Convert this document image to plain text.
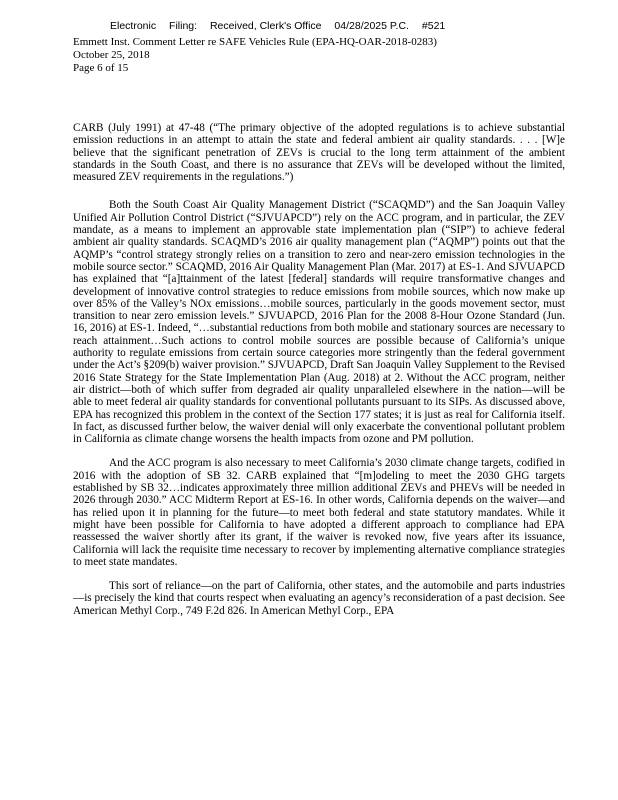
Electronic Filing: Received, Clerk's Office 04/28/2025 P.C. #521
Emmett Inst. Comment Letter re SAFE Vehicles Rule (EPA-HQ-OAR-2018-0283)
October 25, 2018
Page 6 of 15

CARB (July 1991) at 47-48 (“The primary objective of the adopted regulations is to achieve substantial emission reductions in an attempt to attain the state and federal ambient air quality standards. . . . [W]e believe that the significant penetration of ZEVs is crucial to the long term attainment of the ambient standards in the South Coast, and there is no assurance that ZEVs will be developed without the limited, measured ZEV requirements in the regulations.”)

Both the South Coast Air Quality Management District (“SCAQMD”) and the San Joaquin Valley Unified Air Pollution Control District (“SJVUAPCD”) rely on the ACC program, and in particular, the ZEV mandate, as a means to implement an approvable state implementation plan (“SIP”) to achieve federal ambient air quality standards. SCAQMD’s 2016 air quality management plan (“AQMP”) points out that the AQMP’s “control strategy strongly relies on a transition to zero and near-zero emission technologies in the mobile source sector.” SCAQMD, 2016 Air Quality Management Plan (Mar. 2017) at ES-1. And SJVUAPCD has explained that “[a]ttainment of the latest [federal] standards will require transformative changes and development of innovative control strategies to reduce emissions from mobile sources, which now make up over 85% of the Valley’s NOx emissions…mobile sources, particularly in the goods movement sector, must transition to near zero emission levels.” SJVUAPCD, 2016 Plan for the 2008 8-Hour Ozone Standard (Jun. 16, 2016) at ES-1. Indeed, “…substantial reductions from both mobile and stationary sources are necessary to reach attainment…Such actions to control mobile sources are possible because of California’s unique authority to regulate emissions from certain source categories more stringently than the federal government under the Act’s §209(b) waiver provision.” SJVUAPCD, Draft San Joaquin Valley Supplement to the Revised 2016 State Strategy for the State Implementation Plan (Aug. 2018) at 2. Without the ACC program, neither air district—both of which suffer from degraded air quality unparalleled elsewhere in the nation—will be able to meet federal air quality standards for conventional pollutants pursuant to its SIPs. As discussed above, EPA has recognized this problem in the context of the Section 177 states; it is just as real for California itself. In fact, as discussed further below, the waiver denial will only exacerbate the conventional pollutant problem in California as climate change worsens the health impacts from ozone and PM pollution.

And the ACC program is also necessary to meet California’s 2030 climate change targets, codified in 2016 with the adoption of SB 32. CARB explained that “[m]odeling to meet the 2030 GHG targets established by SB 32…indicates approximately three million additional ZEVs and PHEVs will be needed in 2026 through 2030.” ACC Midterm Report at ES-16. In other words, California depends on the waiver—and has relied upon it in planning for the future—to meet both federal and state statutory mandates. While it might have been possible for California to have adopted a different approach to compliance had EPA reassessed the waiver shortly after its grant, if the waiver is revoked now, five years after its issuance, California will lack the requisite time necessary to recover by implementing alternative compliance strategies to meet state mandates.

This sort of reliance—on the part of California, other states, and the automobile and parts industries—is precisely the kind that courts respect when evaluating an agency’s reconsideration of a past decision. See American Methyl Corp., 749 F.2d 826. In American Methyl Corp., EPA
